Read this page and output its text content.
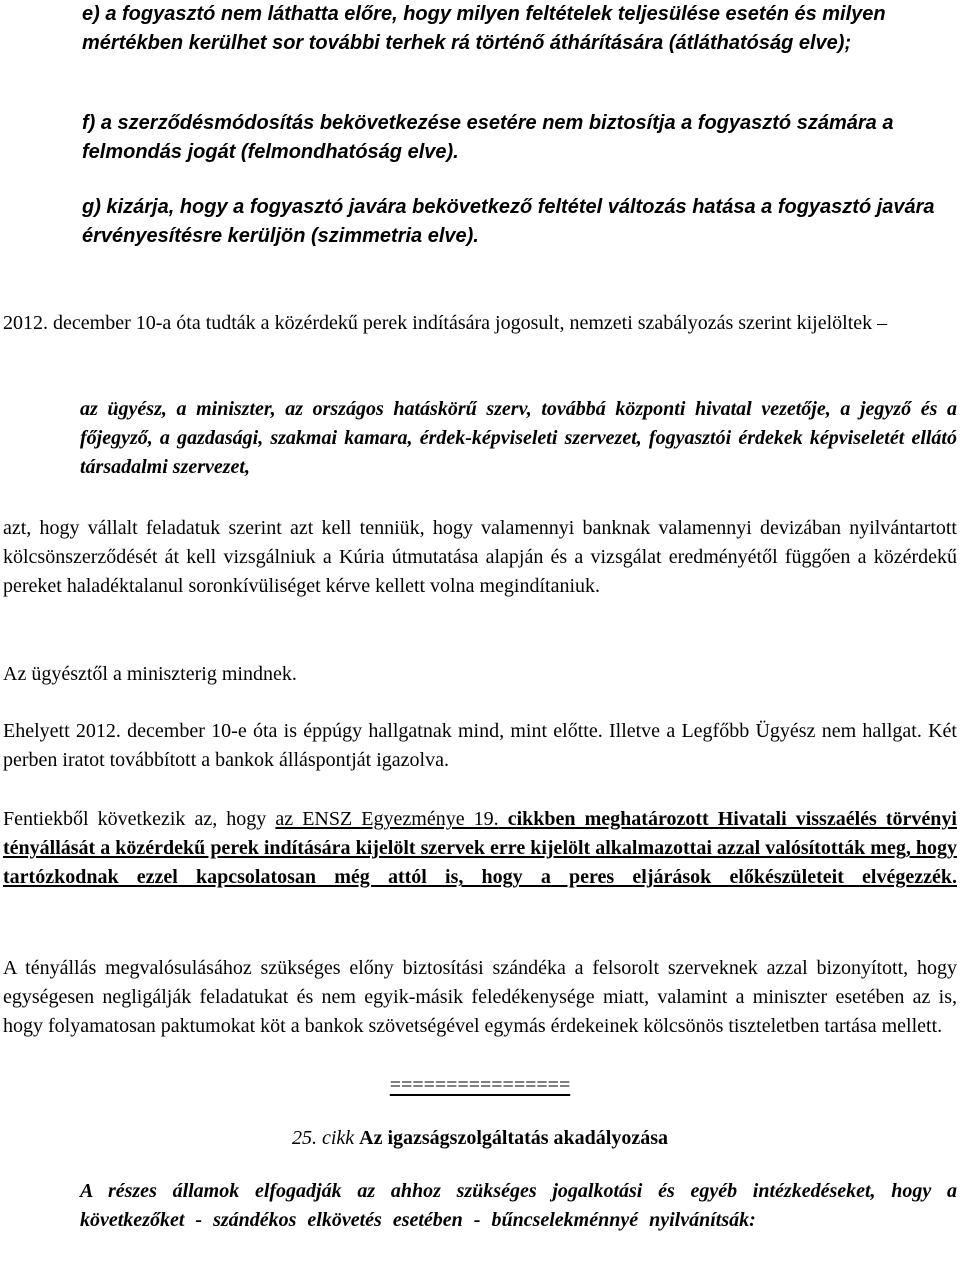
e) a fogyasztó nem láthatta előre, hogy milyen feltételek teljesülése esetén és milyen mértékben kerülhet sor további terhek rá történő áthárítására (átláthatóság elve);

f) a szerződésmódosítás bekövetkezése esetére nem biztosítja a fogyasztó számára a felmondás jogát (felmondhatóság elve).

g) kizárja, hogy a fogyasztó javára bekövetkező feltétel változás hatása a fogyasztó javára érvényesítésre kerüljön (szimmetria elve).

2012. december 10-a óta tudták a közérdekű perek indítására jogosult, nemzeti szabályozás szerint kijelöltek –

az ügyész, a miniszter, az országos hatáskörű szerv, továbbá központi hivatal vezetője, a jegyző és a főjegyző, a gazdasági, szakmai kamara, érdek-képviseleti szervezet, fogyasztói érdekek képviseletét ellátó társadalmi szervezet,

azt, hogy vállalt feladatuk szerint azt kell tenniük, hogy valamennyi banknak valamennyi devizában nyilvántartott kölcsönszerződését át kell vizsgálniuk a Kúria útmutatása alapján és a vizsgálat eredményétől függően a közérdekű pereket haladéktalanul soronkívüliséget kérve kellett volna megindítaniuk.

Az ügyésztől a miniszterig mindnek.

Ehelyett 2012. december 10-e óta is éppúgy hallgatnak mind, mint előtte. Illetve a Legfőbb Ügyész nem hallgat. Két perben iratot továbbított a bankok álláspontját igazolva.

Fentiekből következik az, hogy az ENSZ Egyezménye 19. cikkben meghatározott Hivatali visszaélés törvényi tényállását a közérdekű perek indítására kijelölt szervek erre kijelölt alkalmazottai azzal valósították meg, hogy tartózkodnak ezzel kapcsolatosan még attól is, hogy a peres eljárások előkészületeit elvégezzék.

A tényállás megvalósulásához szükséges előny biztosítási szándéka a felsorolt szerveknek azzal bizonyított, hogy egységesen negligálják feladatukat és nem egyik-másik feledékenysége miatt, valamint a miniszter esetében az is, hogy folyamatosan paktumokat köt a bankok szövetségével egymás érdekeinek kölcsönös tiszteletben tartása mellett.

================

25. cikk Az igazságszolgáltatás akadályozása

A részes államok elfogadják az ahhoz szükséges jogalkotási és egyéb intézkedéseket, hogy a következőket - szándékos elkövetés esetében - bűncselekménnyé nyilvánítsák:
